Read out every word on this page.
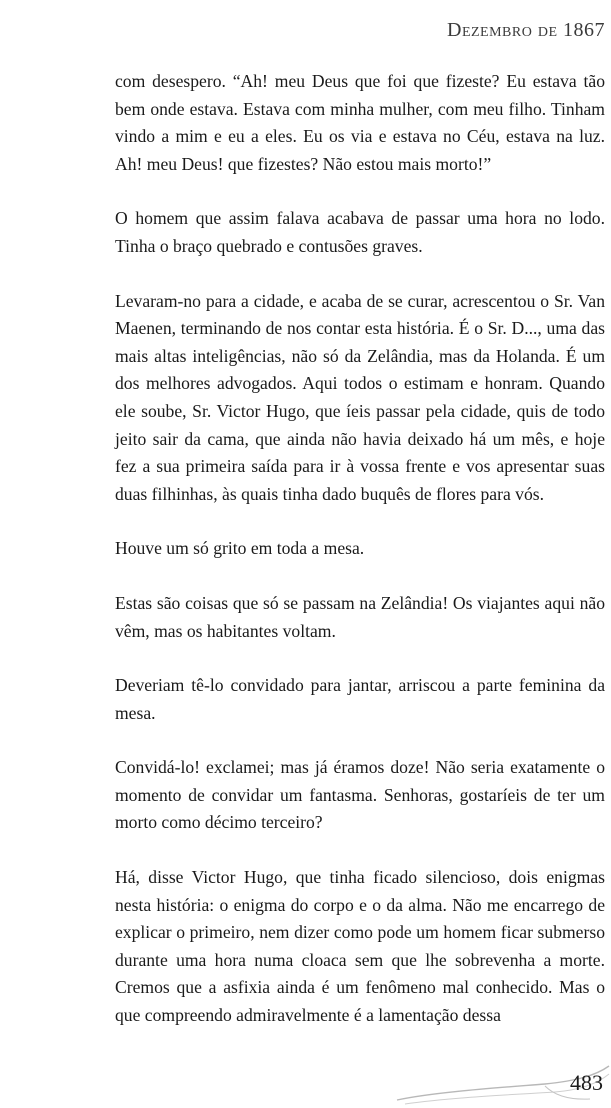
Dezembro de 1867

com desespero. “Ah! meu Deus que foi que fizeste? Eu estava tão bem onde estava. Estava com minha mulher, com meu filho. Tinham vindo a mim e eu a eles. Eu os via e estava no Céu, estava na luz. Ah! meu Deus! que fizestes? Não estou mais morto!”

O homem que assim falava acabava de passar uma hora no lodo. Tinha o braço quebrado e contusões graves.

Levaram-no para a cidade, e acaba de se curar, acrescentou o Sr. Van Maenen, terminando de nos contar esta história. É o Sr. D..., uma das mais altas inteligências, não só da Zelândia, mas da Holanda. É um dos melhores advogados. Aqui todos o estimam e honram. Quando ele soube, Sr. Victor Hugo, que íeis passar pela cidade, quis de todo jeito sair da cama, que ainda não havia deixado há um mês, e hoje fez a sua primeira saída para ir à vossa frente e vos apresentar suas duas filhinhas, às quais tinha dado buquês de flores para vós.

Houve um só grito em toda a mesa.

Estas são coisas que só se passam na Zelândia! Os viajantes aqui não vêm, mas os habitantes voltam.

Deveriam tê-lo convidado para jantar, arriscou a parte feminina da mesa.

Convidá-lo! exclamei; mas já éramos doze! Não seria exatamente o momento de convidar um fantasma. Senhoras, gostaríeis de ter um morto como décimo terceiro?

Há, disse Victor Hugo, que tinha ficado silencioso, dois enigmas nesta história: o enigma do corpo e o da alma. Não me encarrego de explicar o primeiro, nem dizer como pode um homem ficar submerso durante uma hora numa cloaca sem que lhe sobrevenha a morte. Cremos que a asfixia ainda é um fenômeno mal conhecido. Mas o que compreendo admiravelmente é a lamentação dessa

483
